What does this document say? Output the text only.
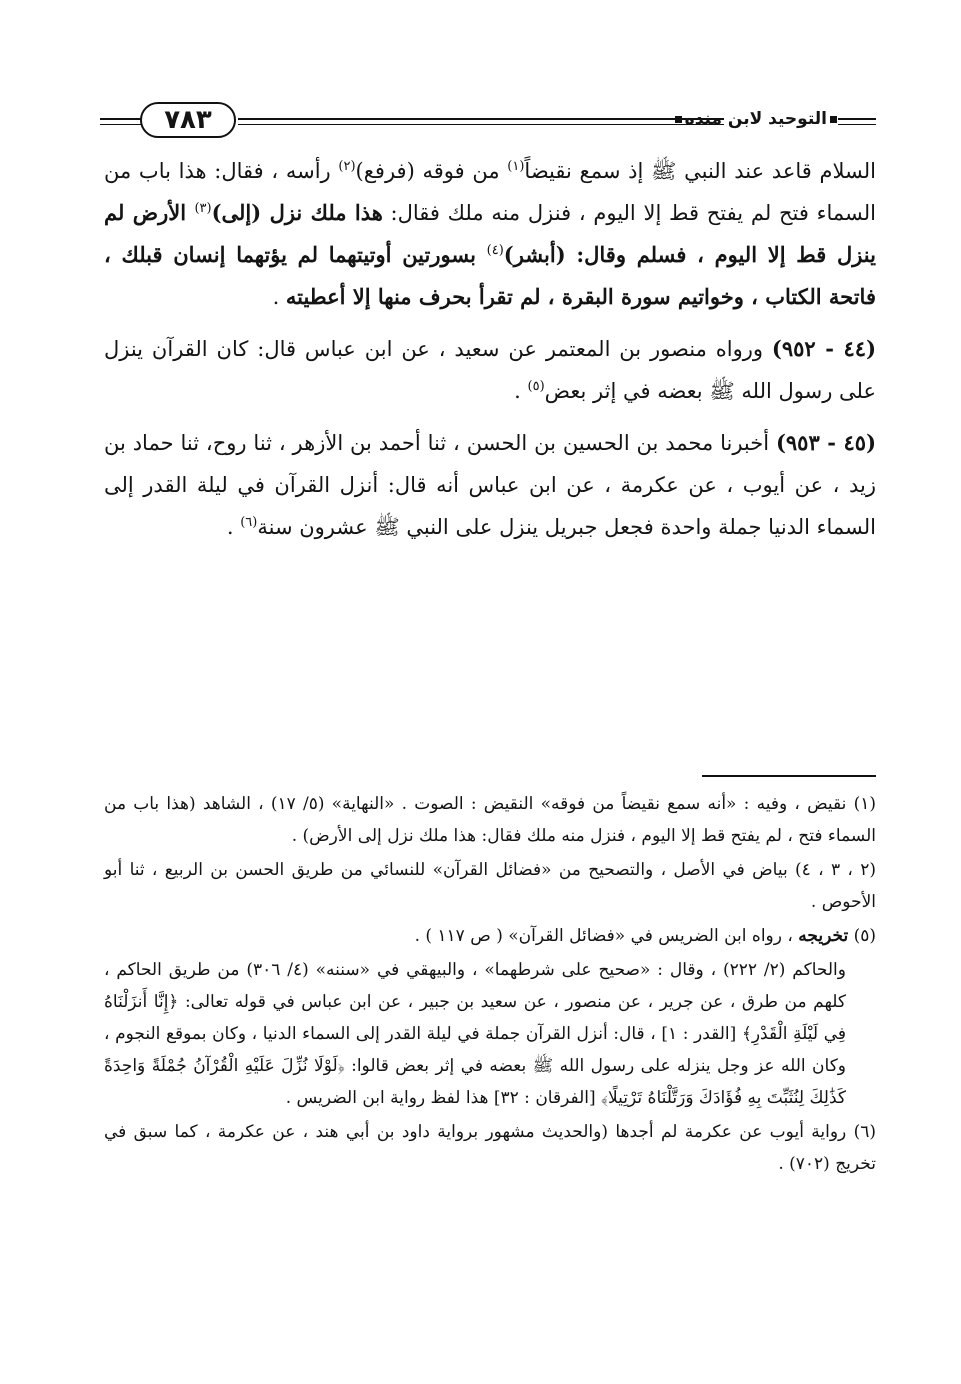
٧٨٣	التوحيد لابن منده

السلام قاعد عند النبي ﷺ إذ سمع نقيضاً$^{(١)}$ من فوقه (فرفع)$^{(٢)}$ رأسه ، فقال: هذا باب من السماء فتح لم يفتح قط إلا اليوم ، فنزل منه ملك فقال: هذا ملك نزل (إلى)$^{(٣)}$ الأرض لم ينزل قط إلا اليوم ، فسلم وقال: (أبشر)$^{(٤)}$ بسورتين أوتيتهما لم يؤتهما إنسان قبلك ، فاتحة الكتاب ، وخواتيم سورة البقرة ، لم تقرأ بحرف منها إلا أعطيته .

(٤٤ - ٩٥٢) ورواه منصور بن المعتمر عن سعيد ، عن ابن عباس قال: كان القرآن ينزل على رسول الله ﷺ بعضه في إثر بعض$^{(٥)}$ .

(٤٥ - ٩٥٣) أخبرنا محمد بن الحسين بن الحسن ، ثنا أحمد بن الأزهر ، ثنا روح، ثنا حماد بن زيد ، عن أيوب ، عن عكرمة ، عن ابن عباس أنه قال: أنزل القرآن في ليلة القدر إلى السماء الدنيا جملة واحدة فجعل جبريل ينزل على النبي ﷺ عشرون سنة$^{(٦)}$ .

(١) نقيض ، وفيه : «أنه سمع نقيضاً من فوقه» النقيض : الصوت . «النهاية» (٥/ ١٧) ، الشاهد (هذا باب من السماء فتح ، لم يفتح قط إلا اليوم ، فنزل منه ملك فقال: هذا ملك نزل إلى الأرض) .

(٢ ، ٣ ، ٤) بياض في الأصل ، والتصحيح من «فضائل القرآن» للنسائي من طريق الحسن بن الربيع ، ثنا أبو الأحوص .

(٥) تخريجه ، رواه ابن الضريس في «فضائل القرآن» ( ص ١١٧ ) .

والحاكم (٢/ ٢٢٢) ، وقال : «صحيح على شرطهما» ، والبيهقي في «سننه» (٤/ ٣٠٦) من طريق الحاكم ، كلهم من طرق ، عن جرير ، عن منصور ، عن سعيد بن جبير ، عن ابن عباس في قوله تعالى: ﴿إِنَّا أَنزَلْنَاهُ فِي لَيْلَةِ الْقَدْرِ﴾ [القدر : ١] ، قال: أنزل القرآن جملة في ليلة القدر إلى السماء الدنيا ، وكان بموقع النجوم ، وكان الله عز وجل ينزله على رسول الله ﷺ بعضه في إثر بعض قالوا: ﴿لَوْلَا نُزِّلَ عَلَيْهِ الْقُرْآنُ جُمْلَةً وَاحِدَةً كَذَٰلِكَ لِنُثَبِّتَ بِهِ فُؤَادَكَ وَرَتَّلْنَاهُ تَرْتِيلًا﴾ [الفرقان : ٣٢] هذا لفظ رواية ابن الضريس .

(٦) رواية أيوب عن عكرمة لم أجدها (والحديث مشهور برواية داود بن أبي هند ، عن عكرمة ، كما سبق في تخريج (٧٠٢) .
